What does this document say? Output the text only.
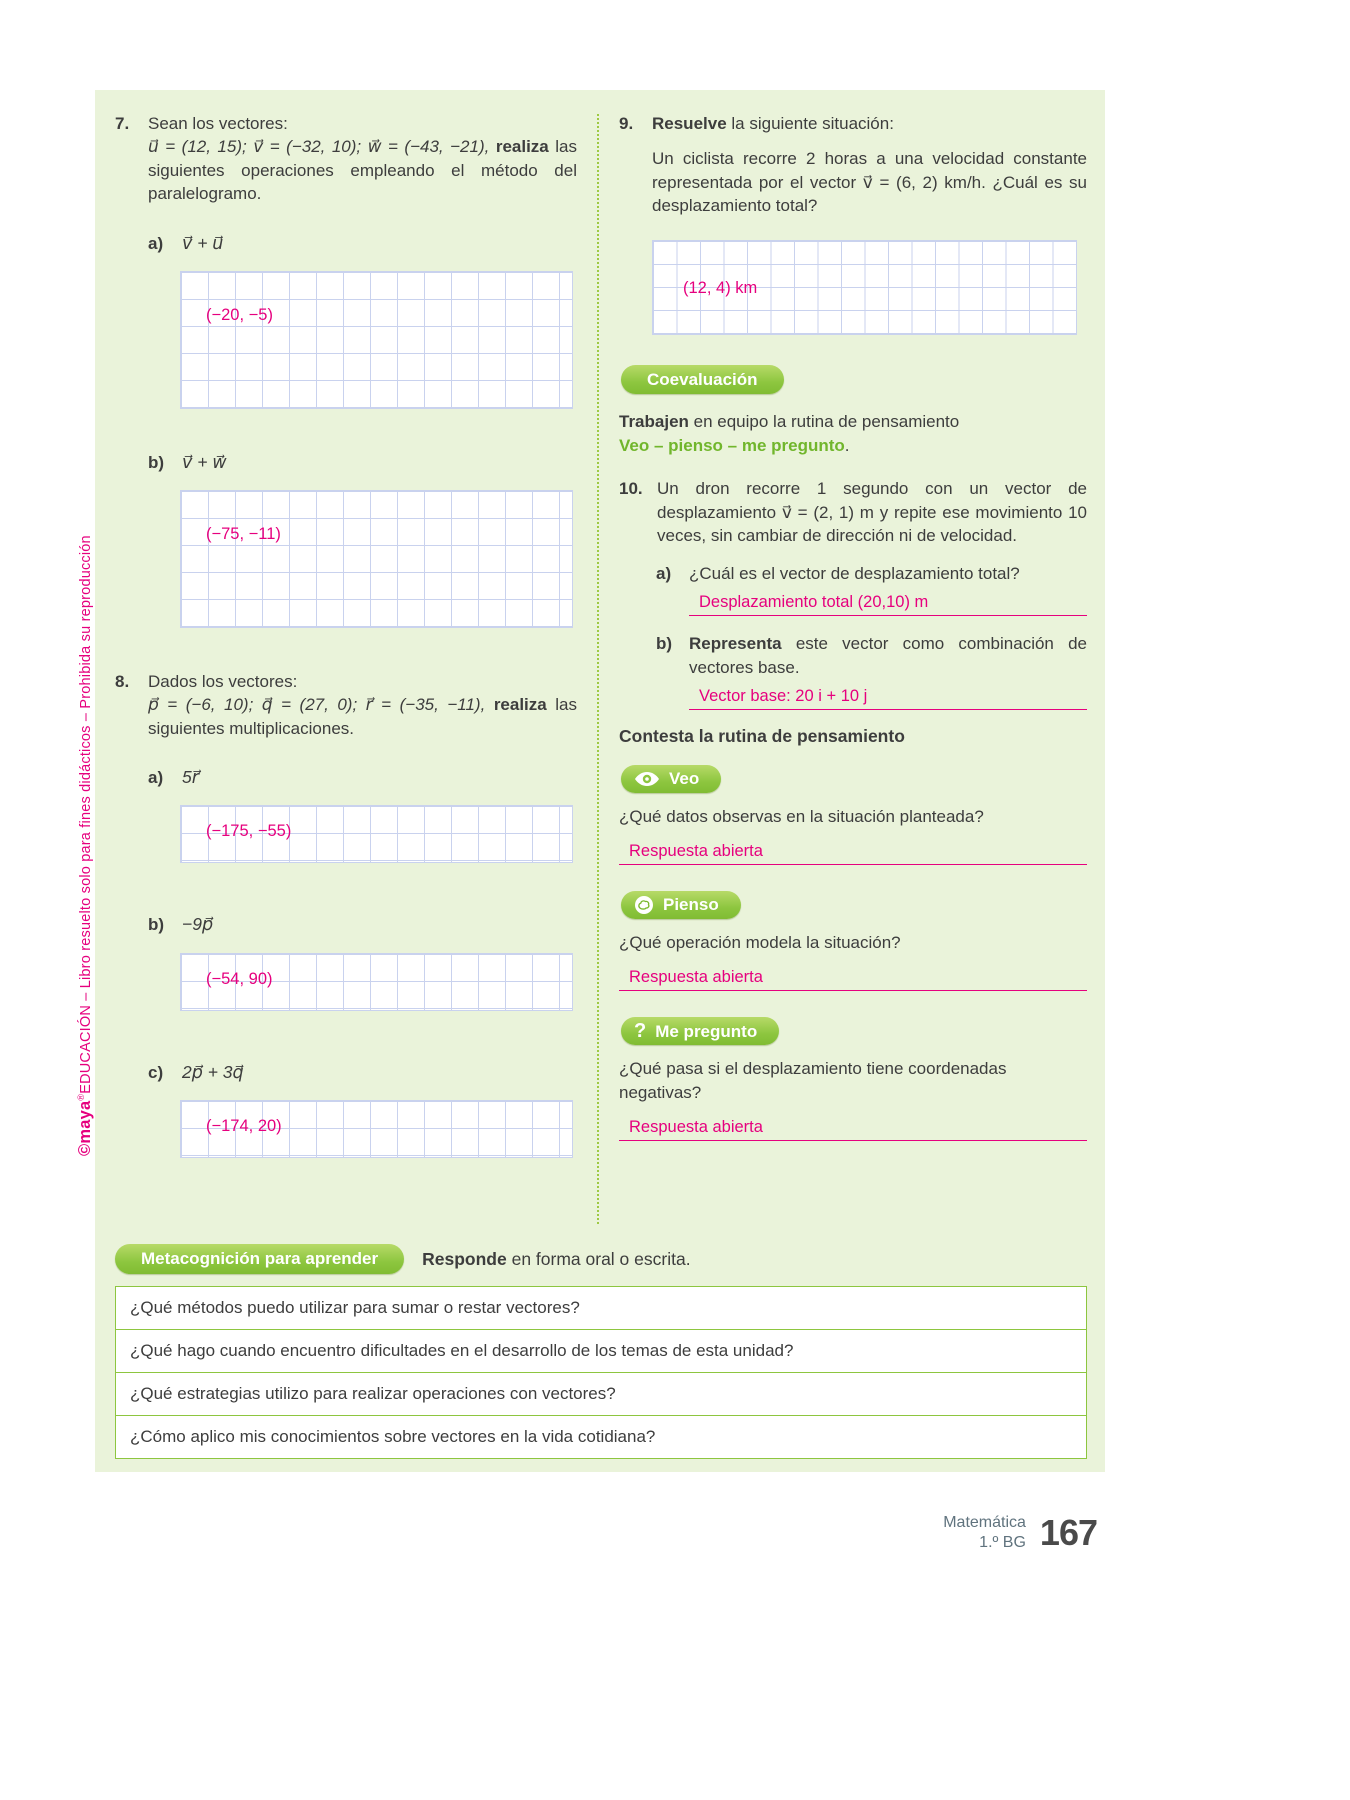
©maya®EDUCACIÓN – Libro resuelto solo para fines didácticos – Prohibida su reproducción
7.	Sean los vectores:
u⃗ = (12, 15); v⃗ = (−32, 10); w⃗ = (−43, −21), realiza las siguientes operaciones empleando el método del paralelogramo.

a)	v⃗ + u⃗
(−20, −5)
b)	v⃗ + w⃗
(−75, −11)
8.	Dados los vectores:
p⃗ = (−6, 10); q⃗ = (27, 0); r⃗ = (−35, −11), realiza las siguientes multiplicaciones.

a)	5r⃗
(−175, −55)
b)	−9p⃗
(−54, 90)
c)	2p⃗ + 3q⃗
(−174, 20)
9.	Resuelve la siguiente situación:

Un ciclista recorre 2 horas a una velocidad constante representada por el vector v⃗ = (6, 2) km/h. ¿Cuál es su desplazamiento total?

(12, 4) km
Coevaluación

Trabajen en equipo la rutina de pensamiento
Veo – pienso – me pregunto.

10. Un dron recorre 1 segundo con un vector de desplazamiento v⃗ = (2, 1) m y repite ese movimiento 10 veces, sin cambiar de dirección ni de velocidad.

a)	¿Cuál es el vector de desplazamiento total?

Desplazamiento total (20,10) m
b) Representa este vector como combinación de vectores base.

Vector base: 20 i + 10 j

Contesta la rutina de pensamiento

Veo

¿Qué datos observas en la situación planteada?

Respuesta abierta
Pienso

¿Qué operación modela la situación?

Respuesta abierta
? Me pregunto

¿Qué pasa si el desplazamiento tiene coordenadas negativas?

Respuesta abierta
Metacognición para aprender	Responde en forma oral o escrita.

¿Qué métodos puedo utilizar para sumar o restar vectores?
¿Qué hago cuando encuentro dificultades en el desarrollo de los temas de esta unidad?
¿Qué estrategias utilizo para realizar operaciones con vectores?
¿Cómo aplico mis conocimientos sobre vectores en la vida cotidiana?
Matemática
1.º BG 167
